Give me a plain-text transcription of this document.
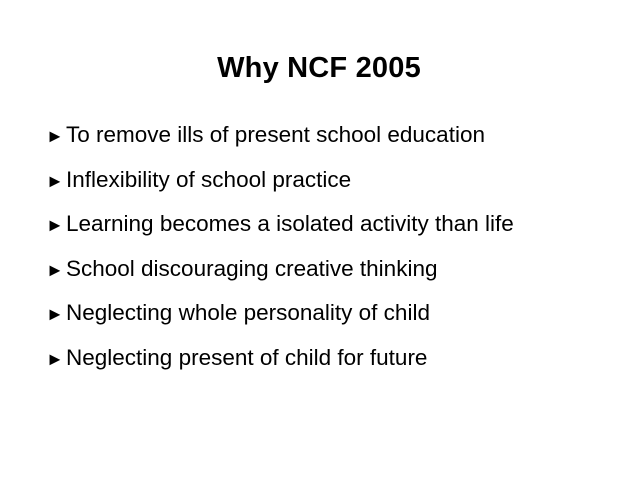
Why NCF 2005
► To remove ills of present school education
► Inflexibility of school practice
► Learning becomes a isolated activity than life
► School discouraging creative thinking
► Neglecting whole personality of child
► Neglecting present of child for future
